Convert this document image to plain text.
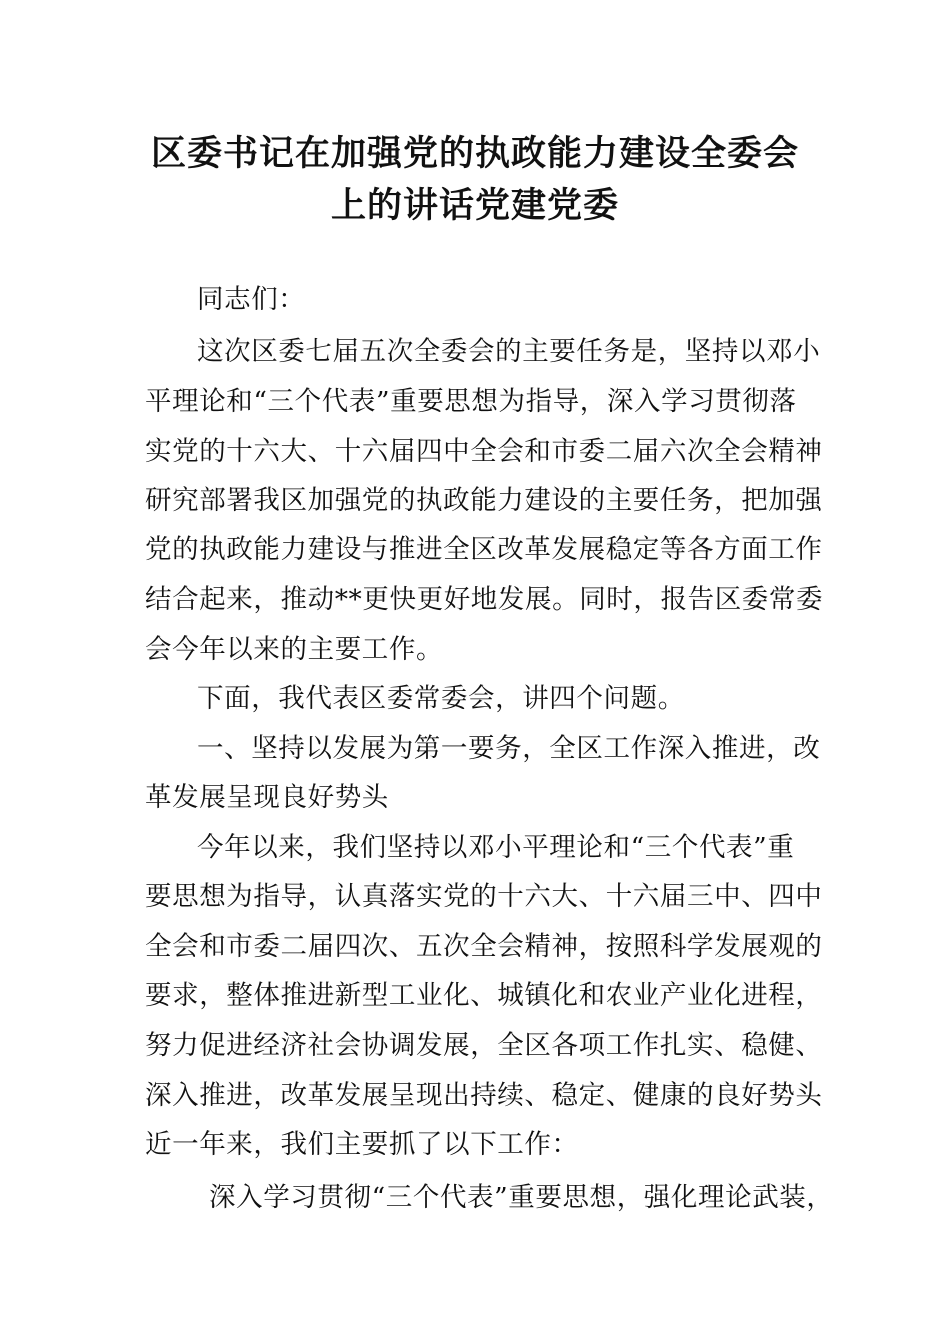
区委书记在加强党的执政能力建设全委会
上的讲话党建党委
同志们：
这次区委七届五次全委会的主要任务是，坚持以邓小
平理论和“三个代表”重要思想为指导，深入学习贯彻落
实党的十六大、十六届四中全会和市委二届六次全会精神
研究部署我区加强党的执政能力建设的主要任务，把加强
党的执政能力建设与推进全区改革发展稳定等各方面工作
结合起来，推动**更快更好地发展。同时，报告区委常委
会今年以来的主要工作。
下面，我代表区委常委会，讲四个问题。
一、坚持以发展为第一要务，全区工作深入推进，改
革发展呈现良好势头
今年以来，我们坚持以邓小平理论和“三个代表”重
要思想为指导，认真落实党的十六大、十六届三中、四中
全会和市委二届四次、五次全会精神，按照科学发展观的
要求，整体推进新型工业化、城镇化和农业产业化进程，
努力促进经济社会协调发展，全区各项工作扎实、稳健、
深入推进，改革发展呈现出持续、稳定、健康的良好势头
近一年来，我们主要抓了以下工作：
深入学习贯彻“三个代表”重要思想，强化理论武装，
